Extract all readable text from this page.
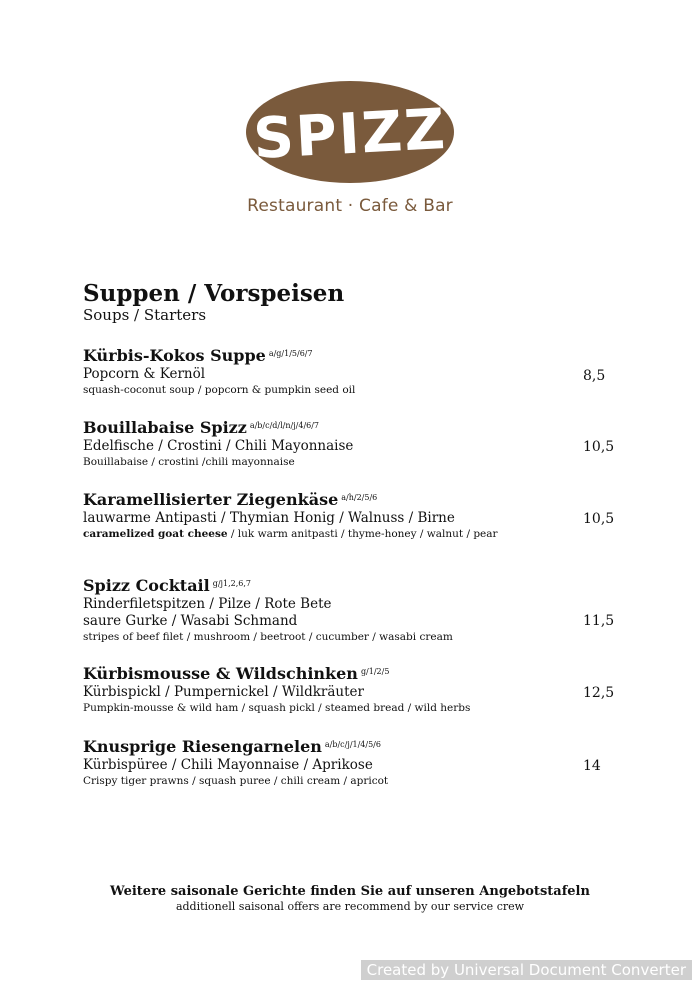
SPIZZ
Restaurant · Cafe & Bar
Suppen / Vorspeisen
Soups / Starters
Kürbis-Kokos Suppe $^{a/g/1/5/6/7}$
Popcorn & Kernöl
squash-coconut soup / popcorn & pumpkin seed oil
8,5
Bouillabaise Spizz $^{a/b/c/d/l/n/j/4/6/7}$
Edelfische / Crostini / Chili Mayonnaise
Bouillabaise / crostini /chili mayonnaise
10,5
Karamellisierter Ziegenkäse $^{a/h/2/5/6}$
lauwarme Antipasti / Thymian Honig / Walnuss / Birne
caramelized goat cheese / luk warm anitpasti / thyme-honey / walnut / pear
10,5
Spizz Cocktail $^{g/j1,2,6,7}$
Rinderfiletspitzen / Pilze / Rote Bete
saure Gurke / Wasabi Schmand
stripes of beef filet / mushroom / beetroot / cucumber / wasabi cream
11,5
Kürbismousse & Wildschinken $^{g/1/2/5}$
Kürbispickl / Pumpernickel / Wildkräuter
Pumpkin-mousse & wild ham / squash pickl / steamed bread / wild herbs
12,5
Knusprige Riesengarnelen $^{a/b/c/j/1/4/5/6}$
Kürbispüree / Chili Mayonnaise / Aprikose
Crispy tiger prawns / squash puree / chili cream / apricot
14
Weitere saisonale Gerichte finden Sie auf unseren Angebotstafeln
additionell saisonal offers are recommend by our service crew
Created by Universal Document Converter
